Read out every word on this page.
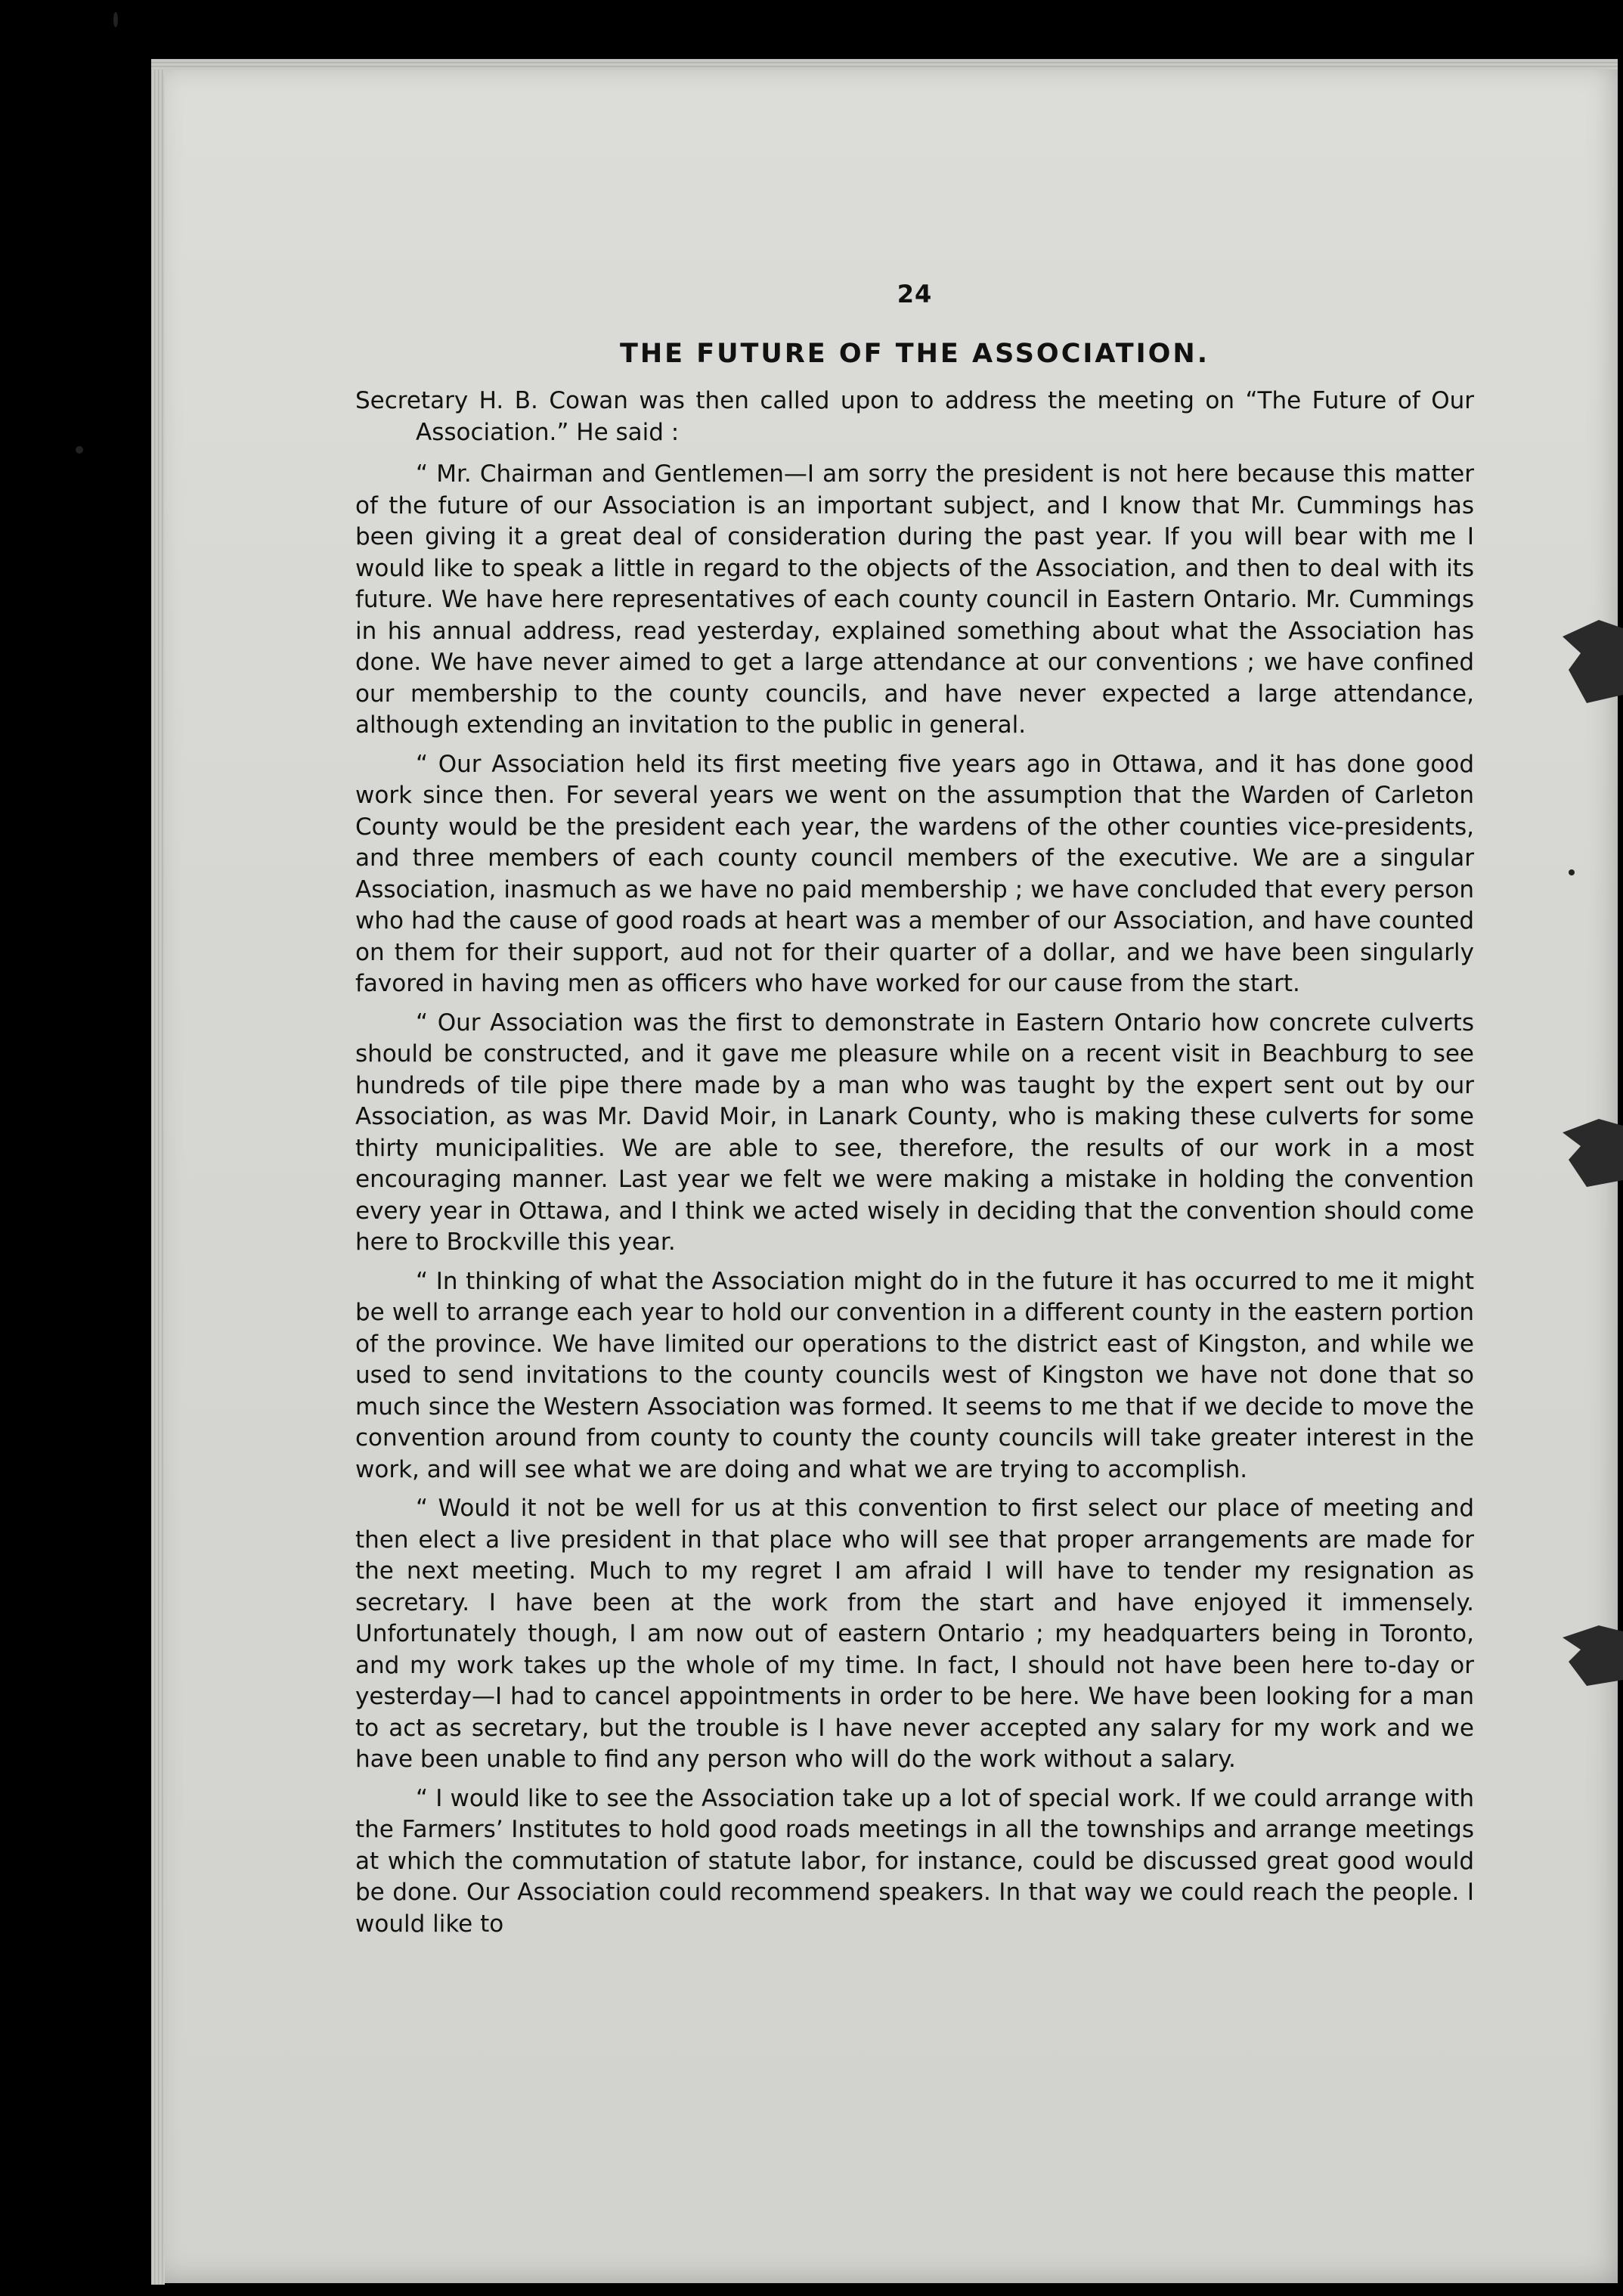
24
THE FUTURE OF THE ASSOCIATION.

Secretary H. B. Cowan was then called upon to address the meeting on “The Future of Our Association.” He said :

“ Mr. Chairman and Gentlemen—I am sorry the president is not here because this matter of the future of our Association is an important subject, and I know that Mr. Cummings has been giving it a great deal of consideration during the past year. If you will bear with me I would like to speak a little in regard to the objects of the Association, and then to deal with its future. We have here representatives of each county council in Eastern Ontario. Mr. Cummings in his annual address, read yesterday, explained something about what the Association has done. We have never aimed to get a large attendance at our conventions ; we have confined our membership to the county councils, and have never expected a large attendance, although extending an invitation to the public in general.

“ Our Association held its first meeting five years ago in Ottawa, and it has done good work since then. For several years we went on the assumption that the Warden of Carleton County would be the president each year, the wardens of the other counties vice-presidents, and three members of each county council members of the executive. We are a singular Association, inasmuch as we have no paid membership ; we have concluded that every person who had the cause of good roads at heart was a member of our Association, and have counted on them for their support, aud not for their quarter of a dollar, and we have been singularly favored in having men as officers who have worked for our cause from the start.

“ Our Association was the first to demonstrate in Eastern Ontario how concrete culverts should be constructed, and it gave me pleasure while on a recent visit in Beachburg to see hundreds of tile pipe there made by a man who was taught by the expert sent out by our Association, as was Mr. David Moir, in Lanark County, who is making these culverts for some thirty municipalities. We are able to see, therefore, the results of our work in a most encouraging manner. Last year we felt we were making a mistake in holding the convention every year in Ottawa, and I think we acted wisely in deciding that the convention should come here to Brockville this year.

“ In thinking of what the Association might do in the future it has occurred to me it might be well to arrange each year to hold our convention in a different county in the eastern portion of the province. We have limited our operations to the district east of Kingston, and while we used to send invitations to the county councils west of Kingston we have not done that so much since the Western Association was formed. It seems to me that if we decide to move the convention around from county to county the county councils will take greater interest in the work, and will see what we are doing and what we are trying to accomplish.

“ Would it not be well for us at this convention to first select our place of meeting and then elect a live president in that place who will see that proper arrangements are made for the next meeting. Much to my regret I am afraid I will have to tender my resignation as secretary. I have been at the work from the start and have enjoyed it immensely. Unfortunately though, I am now out of eastern Ontario ; my headquarters being in Toronto, and my work takes up the whole of my time. In fact, I should not have been here to-day or yesterday—I had to cancel appointments in order to be here. We have been looking for a man to act as secretary, but the trouble is I have never accepted any salary for my work and we have been unable to find any person who will do the work without a salary.

“ I would like to see the Association take up a lot of special work. If we could arrange with the Farmers’ Institutes to hold good roads meetings in all the townships and arrange meetings at which the commutation of statute labor, for instance, could be discussed great good would be done. Our Association could recommend speakers. In that way we could reach the people. I would like to
